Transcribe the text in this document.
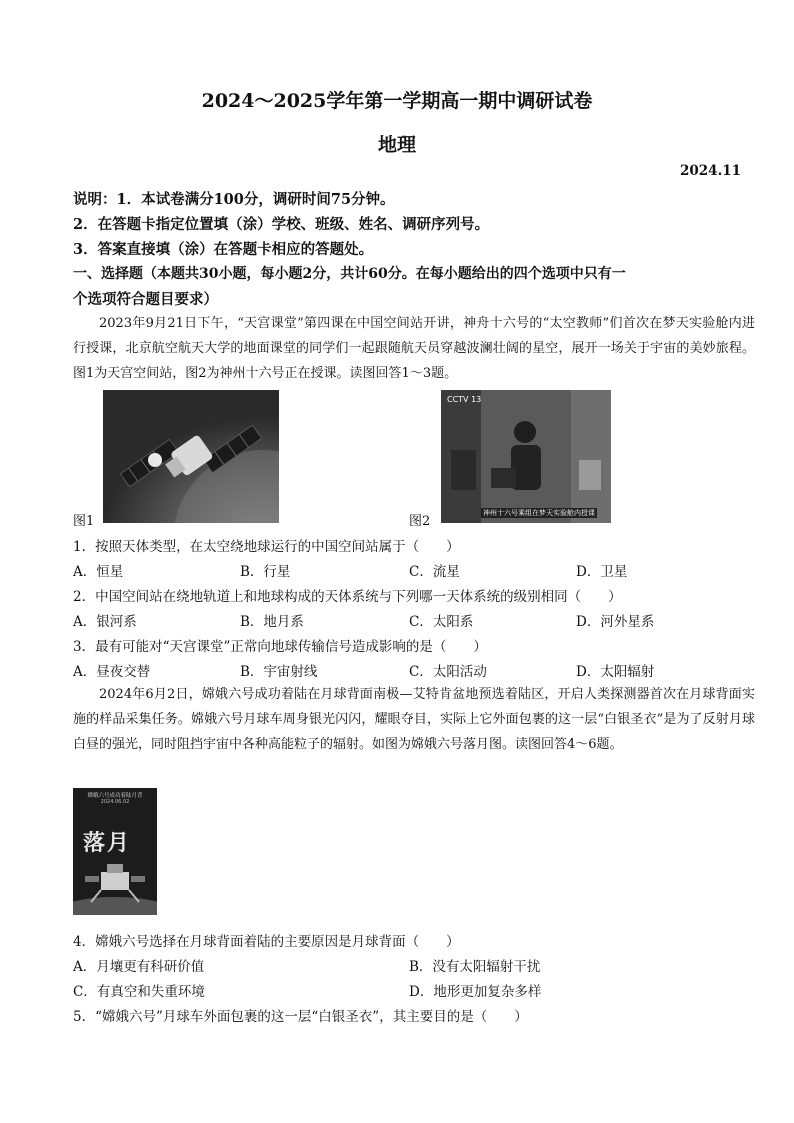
2024～2025学年第一学期高一期中调研试卷
地理
2024.11
说明：1．本试卷满分100分，调研时间75分钟。
2．在答题卡指定位置填（涂）学校、班级、姓名、调研序列号。
3．答案直接填（涂）在答题卡相应的答题处。
一、选择题（本题共30小题，每小题2分，共计60分。在每小题给出的四个选项中只有一
个选项符合题目要求）
2023年9月21日下午，“天宫课堂”第四课在中国空间站开讲，神舟十六号的“太空教师”们首次在梦天实验舱内进行授课，北京航空航天大学的地面课堂的同学们一起跟随航天员穿越波澜壮阔的星空，展开一场关于宇宙的美妙旅程。图1为天宫空间站，图2为神州十六号正在授课。读图回答1～3题。
图1
CCTV 13
神州十六号乘组在梦天实验舱内授课
图2
1．按照天体类型，在太空绕地球运行的中国空间站属于（　　）
A．恒星	B．行星	C．流星	D．卫星
2．中国空间站在绕地轨道上和地球构成的天体系统与下列哪一天体系统的级别相同（　　）
A．银河系	B．地月系	C．太阳系	D．河外星系
3．最有可能对“天宫课堂”正常向地球传输信号造成影响的是（　　）
A．昼夜交替	B．宇宙射线	C．太阳活动	D．太阳辐射
2024年6月2日，嫦娥六号成功着陆在月球背面南极—艾特肯盆地预选着陆区，开启人类探测器首次在月球背面实施的样品采集任务。嫦娥六号月球车周身银光闪闪，耀眼夺目，实际上它外面包裹的这一层“白银圣衣”是为了反射月球白昼的强光，同时阻挡宇宙中各种高能粒子的辐射。如图为嫦娥六号落月图。读图回答4～6题。
嫦娥六号成功着陆月背
2024.06.02
落月
4．嫦娥六号选择在月球背面着陆的主要原因是月球背面（　　）
A．月壤更有科研价值	B．没有太阳辐射干扰
C．有真空和失重环境	D．地形更加复杂多样
5．“嫦娥六号”月球车外面包裹的这一层“白银圣衣”，其主要目的是（　　）
